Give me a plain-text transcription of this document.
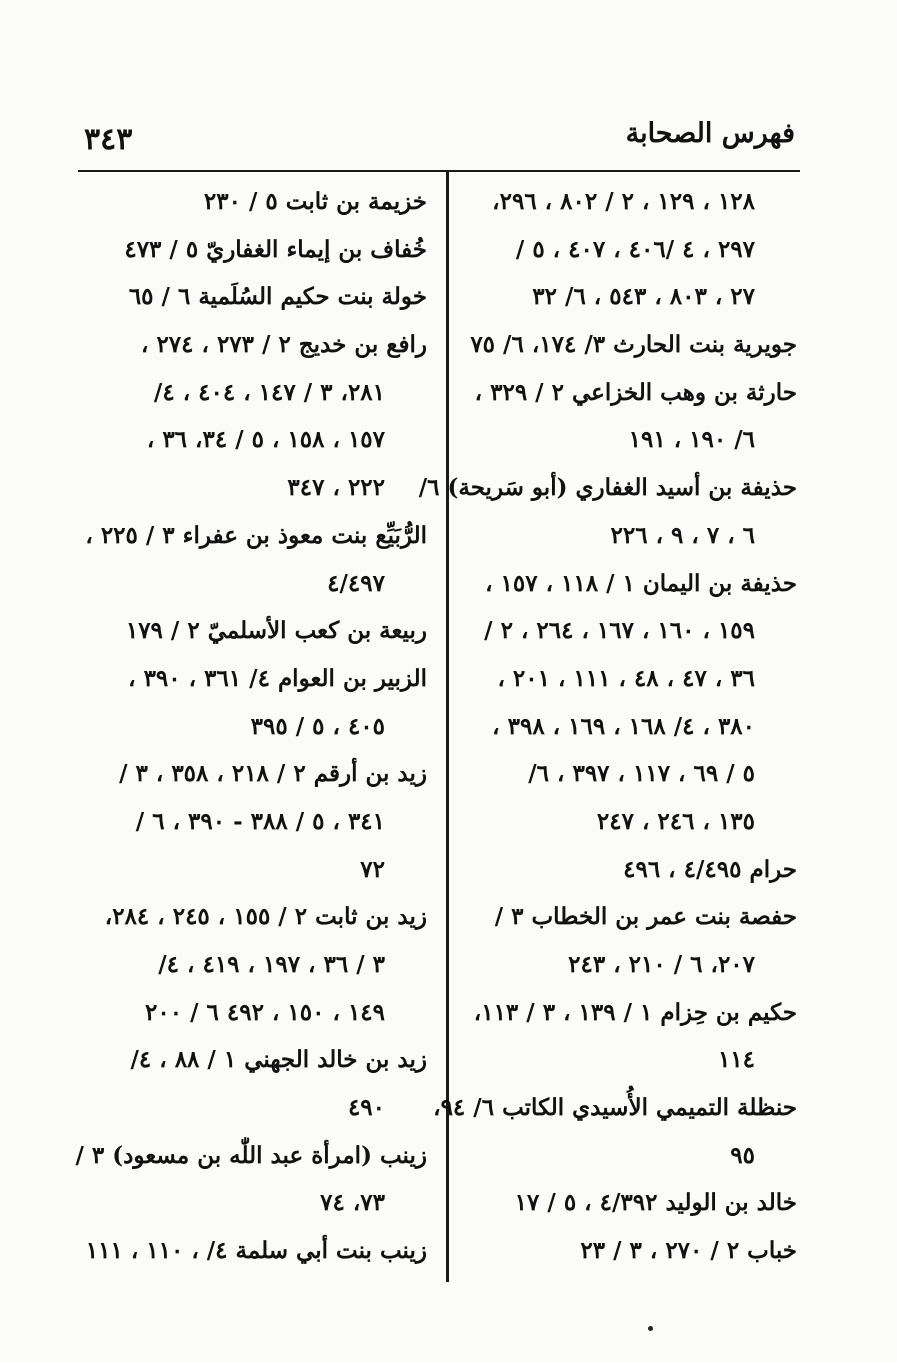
فهرس الصحابة
٣٤٣
١٢٨ ، ١٢٩ ، ٢ / ٨٠٢ ، ٢٩٦،
٢٩٧ ، ٤ /٤٠٦ ، ٤٠٧ ، ٥ /
٢٧ ، ٨٠٣ ، ٥٤٣ ، ٦/ ٣٢
جويرية بنت الحارث ٣/ ١٧٤، ٦/ ٧٥
حارثة بن وهب الخزاعي ٢ / ٣٢٩ ،
٦/ ١٩٠ ، ١٩١
حذيفة بن أسيد الغفاري (أبو سَريحة) ٦/
٦ ، ٧ ، ٩ ، ٢٢٦
حذيفة بن اليمان ١ / ١١٨ ، ١٥٧ ،
١٥٩ ، ١٦٠ ، ١٦٧ ، ٢٦٤ ، ٢ /
٣٦ ، ٤٧ ، ٤٨ ، ١١١ ، ٢٠١ ،
٣٨٠ ، ٤/ ١٦٨ ، ١٦٩ ، ٣٩٨ ،
٥ / ٦٩ ، ١١٧ ، ٣٩٧ ، ٦/
١٣٥ ، ٢٤٦ ، ٢٤٧
حرام ٤/٤٩٥ ، ٤٩٦
حفصة بنت عمر بن الخطاب ٣ /
٢٠٧، ٦ / ٢١٠ ، ٢٤٣
حكيم بن حِزام ١ / ١٣٩ ، ٣ / ١١٣،
١١٤
حنظلة التميمي الأُسيدي الكاتب ٦/ ٩٤،
٩٥
خالد بن الوليد ٤/٣٩٢ ، ٥ / ١٧
خباب ٢ / ٢٧٠ ، ٣ / ٢٣
خزيمة بن ثابت ٥ / ٢٣٠
خُفاف بن إيماء الغفاريّ ٥ / ٤٧٣
خولة بنت حكيم السُلَمية ٦ / ٦٥
رافع بن خديج ٢ / ٢٧٣ ، ٢٧٤ ،
٢٨١، ٣ / ١٤٧ ، ٤٠٤ ، ٤/
١٥٧ ، ١٥٨ ، ٥ / ٣٤، ٣٦ ،
٢٢٢ ، ٣٤٧
الرُّبَيِّع بنت معوذ بن عفراء ٣ / ٢٢٥ ،
٤/٤٩٧
ربيعة بن كعب الأسلميّ ٢ / ١٧٩
الزبير بن العوام ٤/ ٣٦١ ، ٣٩٠ ،
٤٠٥ ، ٥ / ٣٩٥
زيد بن أرقم ٢ / ٢١٨ ، ٣٥٨ ، ٣ /
٣٤١ ، ٥ / ٣٨٨ - ٣٩٠ ، ٦ /
٧٢
زيد بن ثابت ٢ / ١٥٥ ، ٢٤٥ ، ٢٨٤،
٣ / ٣٦ ، ١٩٧ ، ٤١٩ ، ٤/
١٤٩ ، ١٥٠ ، ٤٩٢ ٦ / ٢٠٠
زيد بن خالد الجهني ١ / ٨٨ ، ٤/
٤٩٠
زينب (امرأة عبد اللّٰه بن مسعود) ٣ /
٧٣، ٧٤
زينب بنت أبي سلمة ٤/ ، ١١٠ ، ١١١
